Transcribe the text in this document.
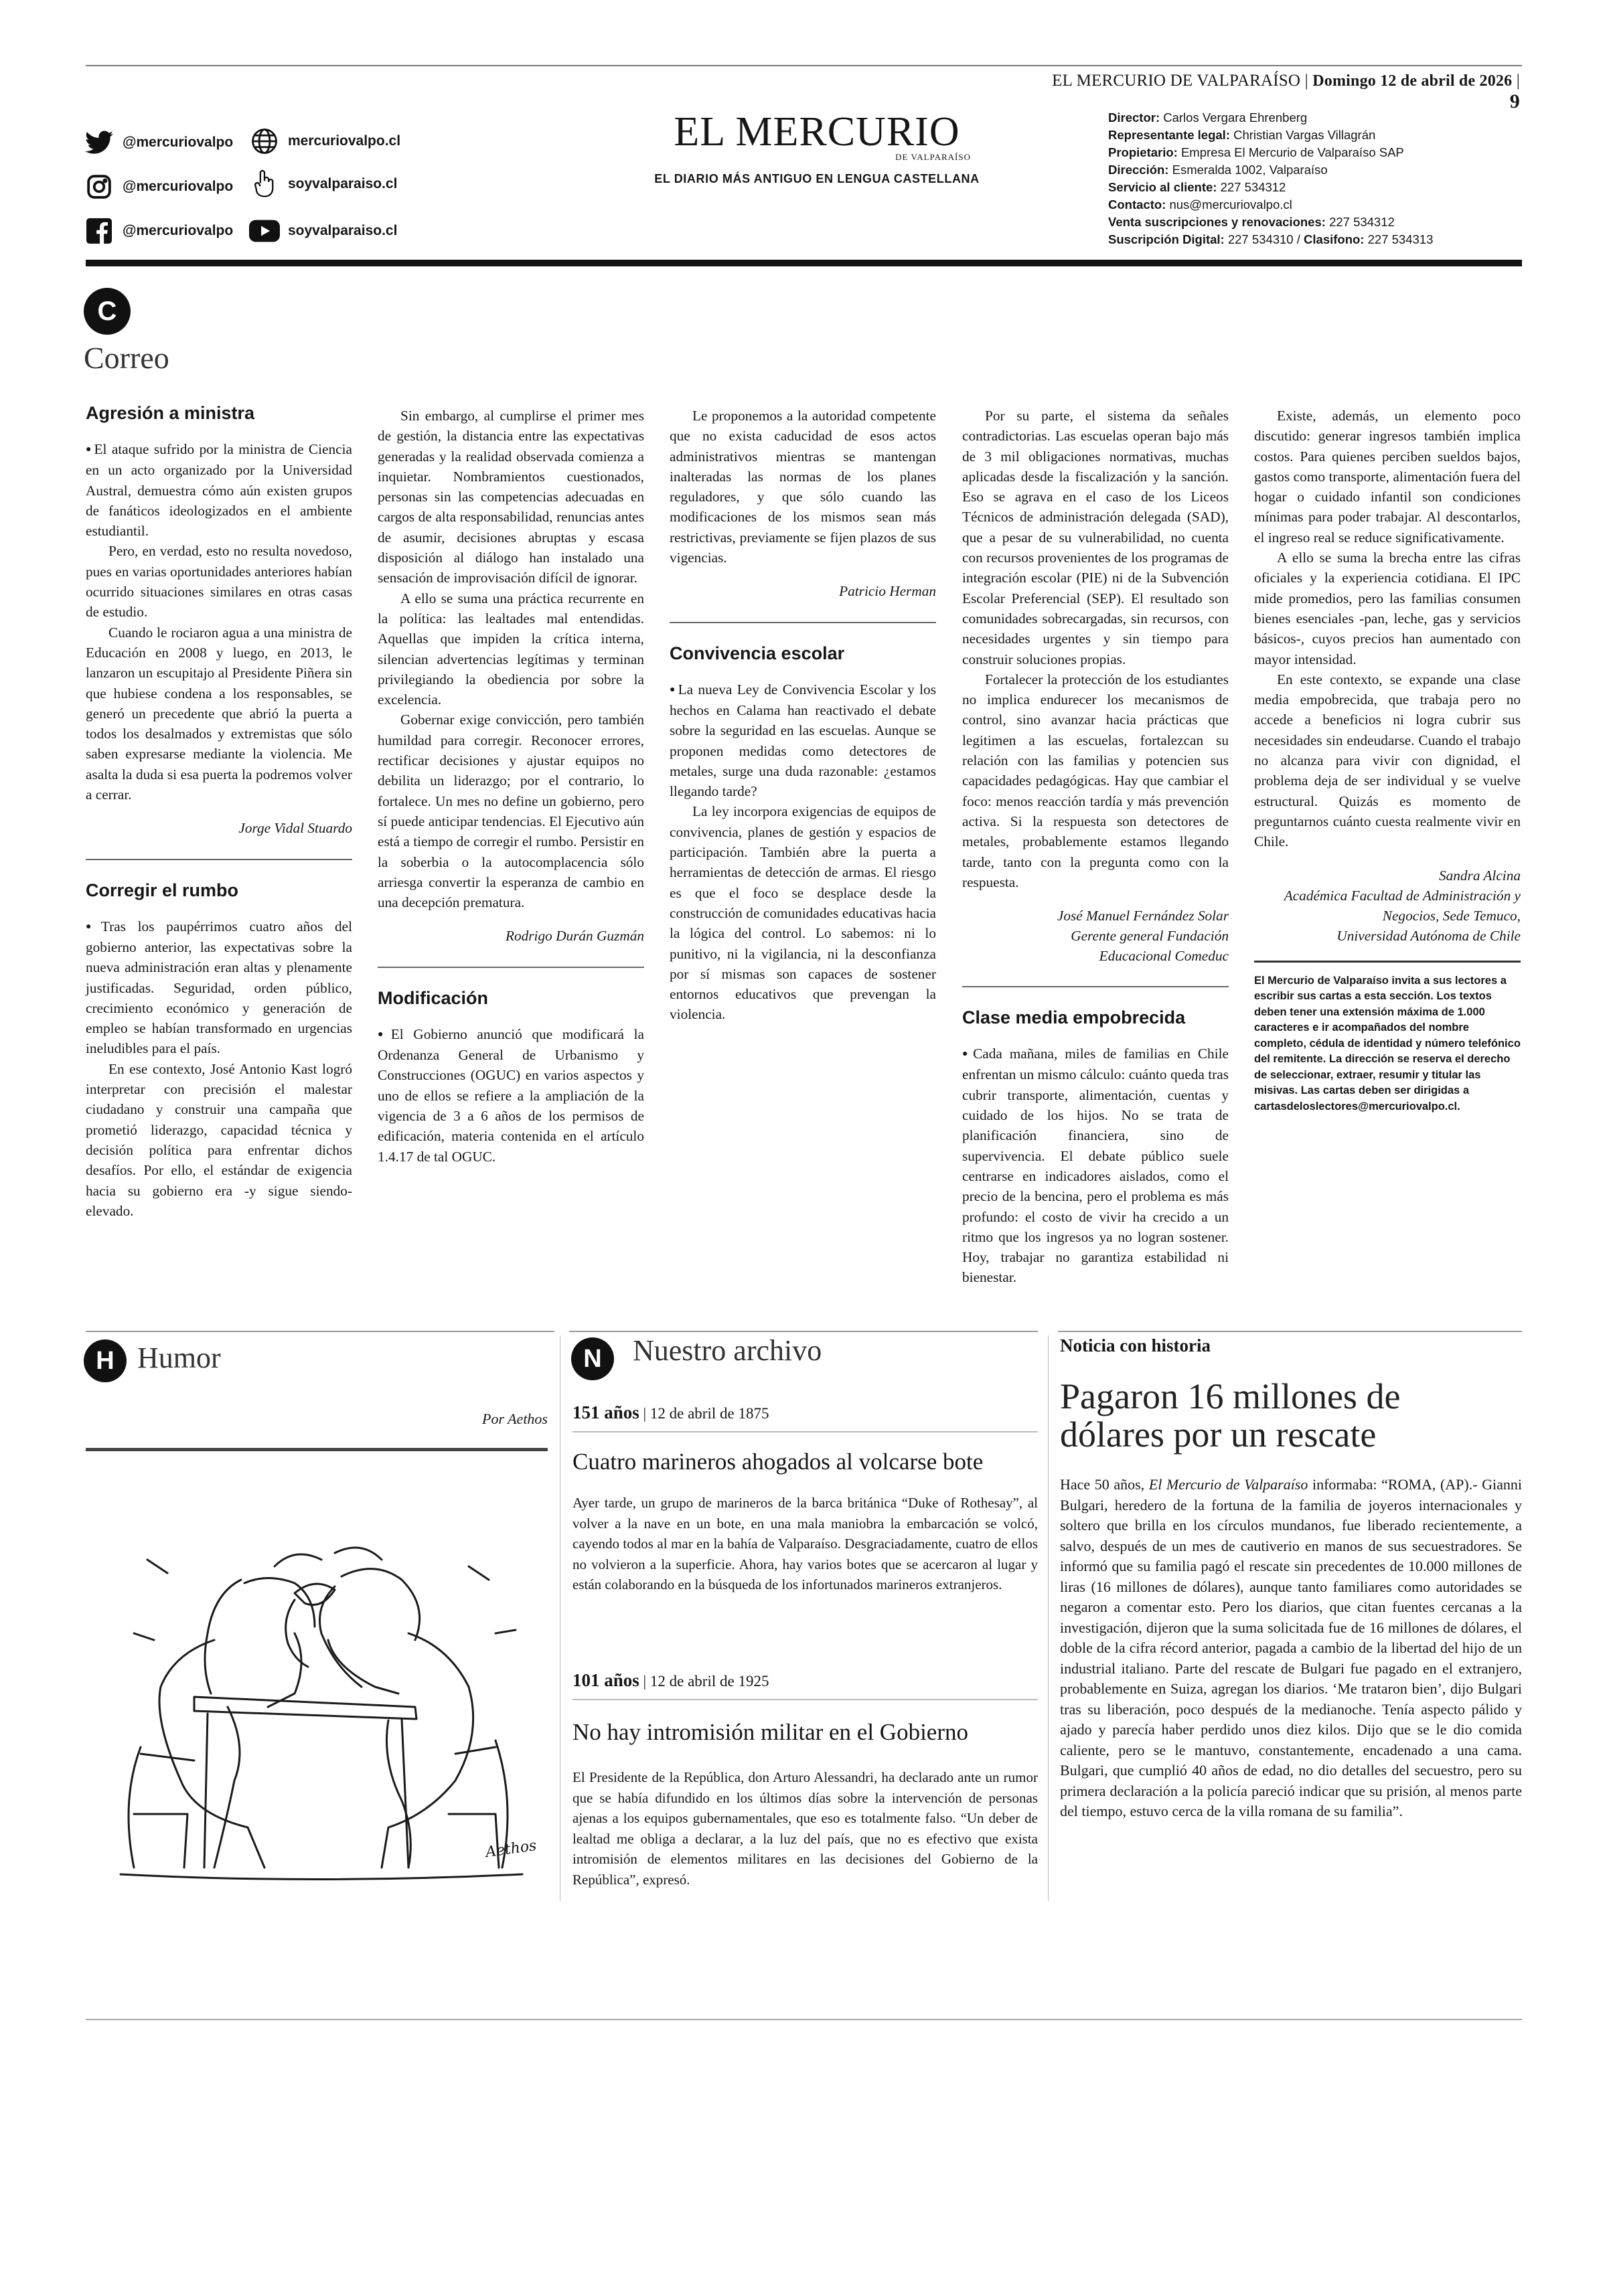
EL MERCURIO DE VALPARAÍSO | Domingo 12 de abril de 2026 | 9
@mercuriovalpo	mercuriovalpo.cl
@mercuriovalpo	soyvalparaiso.cl
@mercuriovalpo	soyvalparaiso.cl
EL MERCURIO
DE VALPARAÍSO
EL DIARIO MÁS ANTIGUO EN LENGUA CASTELLANA
Director: Carlos Vergara Ehrenberg
Representante legal: Christian Vargas Villagrán
Propietario: Empresa El Mercurio de Valparaíso SAP
Dirección: Esmeralda 1002, Valparaíso
Servicio al cliente: 227 534312
Contacto: nus@mercuriovalpo.cl
Venta suscripciones y renovaciones: 227 534312
Suscripción Digital: 227 534310 / Clasifono: 227 534313
C
Correo
Agresión a ministra

● El ataque sufrido por la ministra de Ciencia en un acto organizado por la Universidad Austral, demuestra cómo aún existen grupos de fanáticos ideologizados en el ambiente estudiantil.

Pero, en verdad, esto no resulta novedoso, pues en varias oportunidades anteriores habían ocurrido situaciones similares en otras casas de estudio.

Cuando le rociaron agua a una ministra de Educación en 2008 y luego, en 2013, le lanzaron un escupitajo al Presidente Piñera sin que hubiese condena a los responsables, se generó un precedente que abrió la puerta a todos los desalmados y extremistas que sólo saben expresarse mediante la violencia. Me asalta la duda si esa puerta la podremos volver a cerrar.

Jorge Vidal Stuardo

Corregir el rumbo

● Tras los paupérrimos cuatro años del gobierno anterior, las expectativas sobre la nueva administración eran altas y plenamente justificadas. Seguridad, orden público, crecimiento económico y generación de empleo se habían transformado en urgencias ineludibles para el país.

En ese contexto, José Antonio Kast logró interpretar con precisión el malestar ciudadano y construir una campaña que prometió liderazgo, capacidad técnica y decisión política para enfrentar dichos desafíos. Por ello, el estándar de exigencia hacia su gobierno era -y sigue siendo- elevado.

Sin embargo, al cumplirse el primer mes de gestión, la distancia entre las expectativas generadas y la realidad observada comienza a inquietar. Nombramientos cuestionados, personas sin las competencias adecuadas en cargos de alta responsabilidad, renuncias antes de asumir, decisiones abruptas y escasa disposición al diálogo han instalado una sensación de improvisación difícil de ignorar.

A ello se suma una práctica recurrente en la política: las lealtades mal entendidas. Aquellas que impiden la crítica interna, silencian advertencias legítimas y terminan privilegiando la obediencia por sobre la excelencia.

Gobernar exige convicción, pero también humildad para corregir. Reconocer errores, rectificar decisiones y ajustar equipos no debilita un liderazgo; por el contrario, lo fortalece. Un mes no define un gobierno, pero sí puede anticipar tendencias. El Ejecutivo aún está a tiempo de corregir el rumbo. Persistir en la soberbia o la autocomplacencia sólo arriesga convertir la esperanza de cambio en una decepción prematura.

Rodrigo Durán Guzmán

Modificación

● El Gobierno anunció que modificará la Ordenanza General de Urbanismo y Construcciones (OGUC) en varios aspectos y uno de ellos se refiere a la ampliación de la vigencia de 3 a 6 años de los permisos de edificación, materia contenida en el artículo 1.4.17 de tal OGUC.

Le proponemos a la autoridad competente que no exista caducidad de esos actos administrativos mientras se mantengan inalteradas las normas de los planes reguladores, y que sólo cuando las modificaciones de los mismos sean más restrictivas, previamente se fijen plazos de sus vigencias.

Patricio Herman

Convivencia escolar

● La nueva Ley de Convivencia Escolar y los hechos en Calama han reactivado el debate sobre la seguridad en las escuelas. Aunque se proponen medidas como detectores de metales, surge una duda razonable: ¿estamos llegando tarde?

La ley incorpora exigencias de equipos de convivencia, planes de gestión y espacios de participación. También abre la puerta a herramientas de detección de armas. El riesgo es que el foco se desplace desde la construcción de comunidades educativas hacia la lógica del control. Lo sabemos: ni lo punitivo, ni la vigilancia, ni la desconfianza por sí mismas son capaces de sostener entornos educativos que prevengan la violencia.

Por su parte, el sistema da señales contradictorias. Las escuelas operan bajo más de 3 mil obligaciones normativas, muchas aplicadas desde la fiscalización y la sanción. Eso se agrava en el caso de los Liceos Técnicos de administración delegada (SAD), que a pesar de su vulnerabilidad, no cuenta con recursos provenientes de los programas de integración escolar (PIE) ni de la Subvención Escolar Preferencial (SEP). El resultado son comunidades sobrecargadas, sin recursos, con necesidades urgentes y sin tiempo para construir soluciones propias.

Fortalecer la protección de los estudiantes no implica endurecer los mecanismos de control, sino avanzar hacia prácticas que legitimen a las escuelas, fortalezcan su relación con las familias y potencien sus capacidades pedagógicas. Hay que cambiar el foco: menos reacción tardía y más prevención activa. Si la respuesta son detectores de metales, probablemente estamos llegando tarde, tanto con la pregunta como con la respuesta.

José Manuel Fernández Solar
Gerente general Fundación
Educacional Comeduc
Clase media empobrecida

● Cada mañana, miles de familias en Chile enfrentan un mismo cálculo: cuánto queda tras cubrir transporte, alimentación, cuentas y cuidado de los hijos. No se trata de planificación financiera, sino de supervivencia. El debate público suele centrarse en indicadores aislados, como el precio de la bencina, pero el problema es más profundo: el costo de vivir ha crecido a un ritmo que los ingresos ya no logran sostener. Hoy, trabajar no garantiza estabilidad ni bienestar.

Existe, además, un elemento poco discutido: generar ingresos también implica costos. Para quienes perciben sueldos bajos, gastos como transporte, alimentación fuera del hogar o cuidado infantil son condiciones mínimas para poder trabajar. Al descontarlos, el ingreso real se reduce significativamente.

A ello se suma la brecha entre las cifras oficiales y la experiencia cotidiana. El IPC mide promedios, pero las familias consumen bienes esenciales -pan, leche, gas y servicios básicos-, cuyos precios han aumentado con mayor intensidad.

En este contexto, se expande una clase media empobrecida, que trabaja pero no accede a beneficios ni logra cubrir sus necesidades sin endeudarse. Cuando el trabajo no alcanza para vivir con dignidad, el problema deja de ser individual y se vuelve estructural. Quizás es momento de preguntarnos cuánto cuesta realmente vivir en Chile.

Sandra Alcina
Académica Facultad de Administración y Negocios, Sede Temuco,
Universidad Autónoma de Chile

El Mercurio de Valparaíso invita a sus lectores a escribir sus cartas a esta sección. Los textos deben tener una extensión máxima de 1.000 caracteres e ir acompañados del nombre completo, cédula de identidad y número telefónico del remitente. La dirección se reserva el derecho de seleccionar, extraer, resumir y titular las misivas. Las cartas deben ser dirigidas a cartasdeloslectores@mercuriovalpo.cl.

H Humor
Por Aethos
Aethos
N	Nuestro archivo
151 años | 12 de abril de 1875
Cuatro marineros ahogados al volcarse bote

Ayer tarde, un grupo de marineros de la barca británica “Duke of Rothesay”, al volver a la nave en un bote, en una mala maniobra la embarcación se volcó, cayendo todos al mar en la bahía de Valparaíso. Desgraciadamente, cuatro de ellos no volvieron a la superficie. Ahora, hay varios botes que se acercaron al lugar y están colaborando en la búsqueda de los infortunados marineros extranjeros.

101 años | 12 de abril de 1925
No hay intromisión militar en el Gobierno

El Presidente de la República, don Arturo Alessandri, ha declarado ante un rumor que se había difundido en los últimos días sobre la intervención de personas ajenas a los equipos gubernamentales, que eso es totalmente falso. “Un deber de lealtad me obliga a declarar, a la luz del país, que no es efectivo que exista intromisión de elementos militares en las decisiones del Gobierno de la República”, expresó.

Noticia con historia
Pagaron 16 millones de dólares por un rescate
Hace 50 años, El Mercurio de Valparaíso informaba: “ROMA, (AP).- Gianni Bulgari, heredero de la fortuna de la familia de joyeros internacionales y soltero que brilla en los círculos mundanos, fue liberado recientemente, a salvo, después de un mes de cautiverio en manos de sus secuestradores. Se informó que su familia pagó el rescate sin precedentes de 10.000 millones de liras (16 millones de dólares), aunque tanto familiares como autoridades se negaron a comentar esto. Pero los diarios, que citan fuentes cercanas a la investigación, dijeron que la suma solicitada fue de 16 millones de dólares, el doble de la cifra récord anterior, pagada a cambio de la libertad del hijo de un industrial italiano. Parte del rescate de Bulgari fue pagado en el extranjero, probablemente en Suiza, agregan los diarios. ‘Me trataron bien’, dijo Bulgari tras su liberación, poco después de la medianoche. Tenía aspecto pálido y ajado y parecía haber perdido unos diez kilos. Dijo que se le dio comida caliente, pero se le mantuvo, constantemente, encadenado a una cama. Bulgari, que cumplió 40 años de edad, no dio detalles del secuestro, pero su primera declaración a la policía pareció indicar que su prisión, al menos parte del tiempo, estuvo cerca de la villa romana de su familia”.
